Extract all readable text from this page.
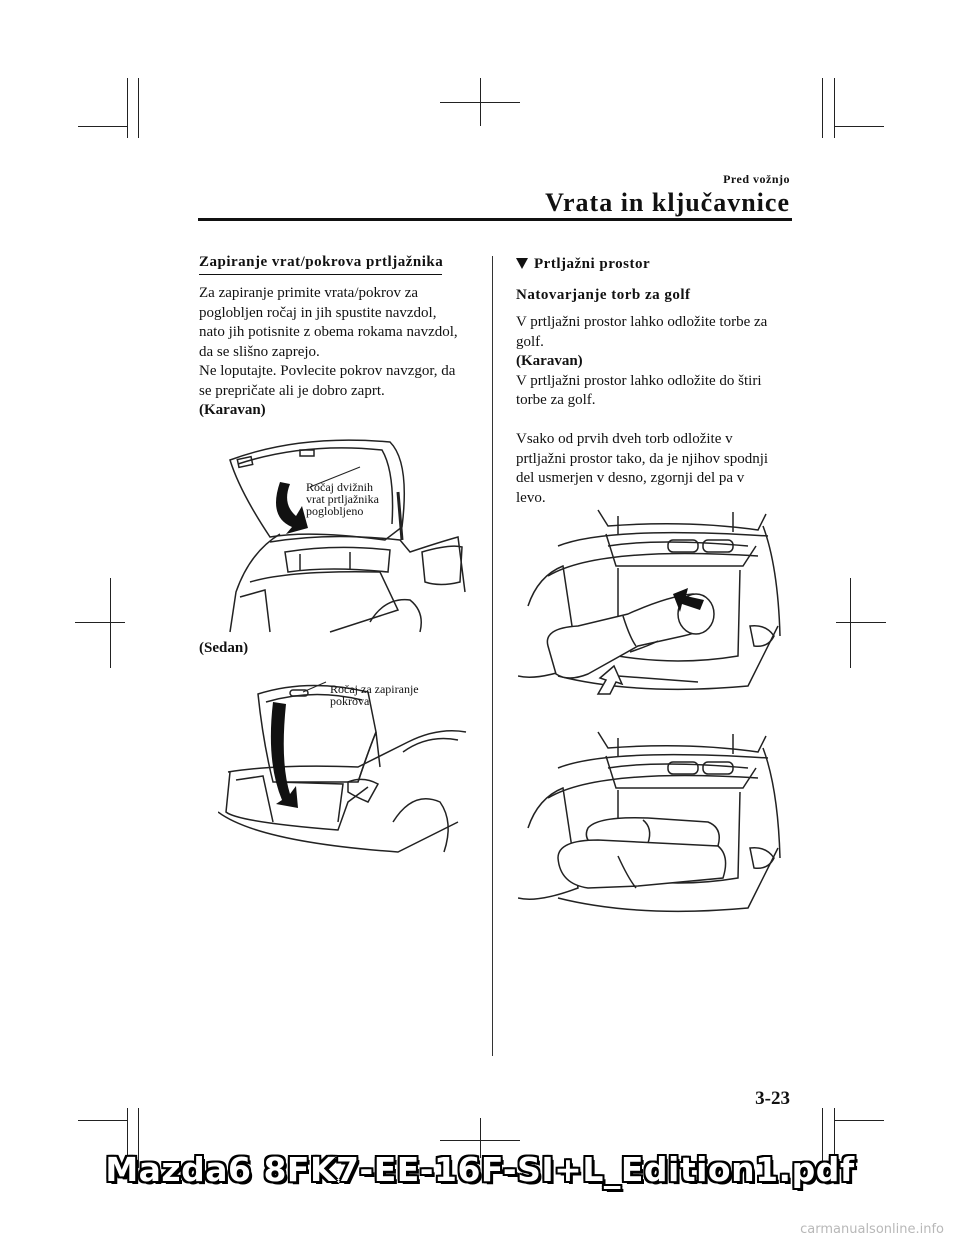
Pred vožnjo
Vrata in ključavnice
Zapiranje vrat/pokrova prtljažnika
Za zapiranje primite vrata/pokrov za
poglobljen ročaj in jih spustite navzdol,
nato jih potisnite z obema rokama navzdol,
da se slišno zaprejo.
Ne loputajte. Povlecite pokrov navzgor, da
se prepričate ali je dobro zaprt.
(Karavan)
Ročaj dvižnih
vrat prtljažnika
poglobljeno
(Sedan)
Ročaj za zapiranje
pokrova
Prtljažni prostor
Natovarjanje torb za golf
V prtljažni prostor lahko odložite torbe za
golf.
(Karavan)
V prtljažni prostor lahko odložite do štiri
torbe za golf.
Vsako od prvih dveh torb odložite v
prtljažni prostor tako, da je njihov spodnji
del usmerjen v desno, zgornji del pa v
levo.
3-23
Mazda6 8FK7-EE-16F-SI+L_Edition1.pdf
carmanualsonline.info
